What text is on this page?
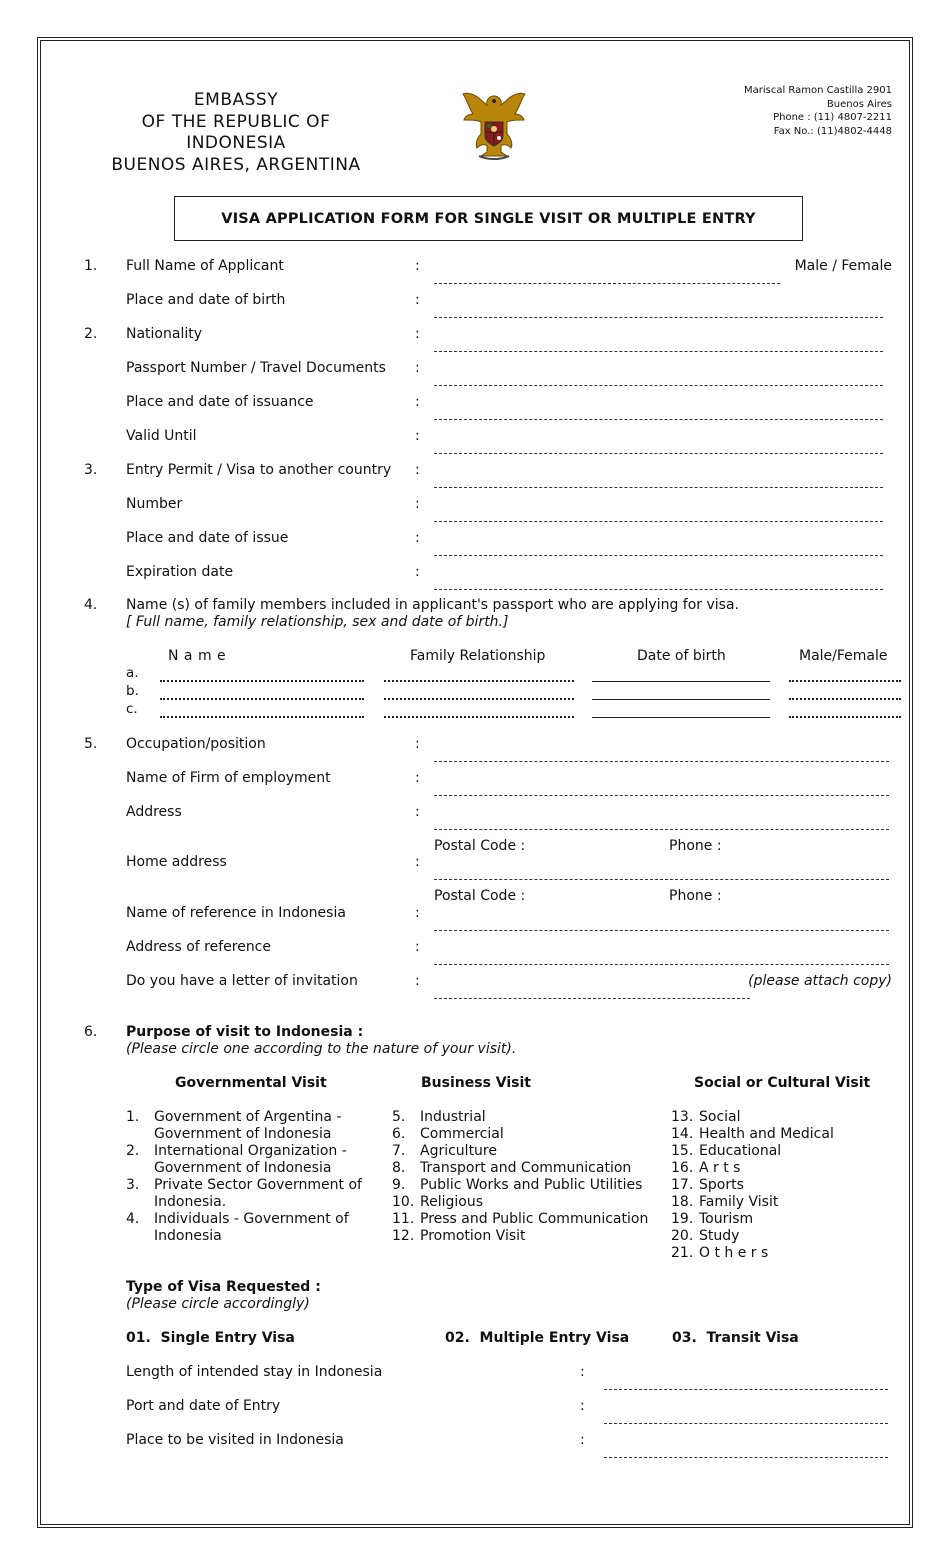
EMBASSY
OF THE REPUBLIC OF
INDONESIA
BUENOS AIRES, ARGENTINA
Mariscal Ramon Castilla 2901
Buenos Aires
Phone : (11) 4807-2211
Fax No.: (11)4802-4448
VISA APPLICATION FORM FOR SINGLE VISIT OR MULTIPLE ENTRY
1. Full Name of Applicant	:	Male / Female
Place and date of birth	:
2. Nationality	:
Passport Number / Travel Documents :
Place and date of issuance	:
Valid Until	:
3. Entry Permit / Visa to another country :
Number	:
Place and date of issue	:
Expiration date	:
4. Name (s) of family members included in applicant's passport who are applying for visa.
[ Full name, family relationship, sex and date of birth.]
N a m e	Family Relationship	Date of birth	Male/Female
a.
b.
c.
5. Occupation/position	:
Name of Firm of employment	:
Address	:
Postal Code :	Phone :
Home address	:
Postal Code :	Phone :
Name of reference in Indonesia	:
Address of reference	:
Do you have a letter of invitation	:	(please attach copy)
6. Purpose of visit to Indonesia :
(Please circle one according to the nature of your visit).
Governmental Visit	Business Visit	Social or Cultural Visit
1.	Government of Argentina -
Government of Indonesia
2.	International Organization -
Government of Indonesia
3.	Private Sector Government of
Indonesia.
4.	Individuals - Government of
Indonesia
5.	Industrial
6.	Commercial
7.	Agriculture
8.	Transport and Communication
9.	Public Works and Public Utilities
10. Religious
11. Press and Public Communication
12. Promotion Visit
13. Social
14. Health and Medical
15. Educational
16. A r t s
17. Sports
18. Family Visit
19. Tourism
20. Study
21. O t h e r s
Type of Visa Requested :
(Please circle accordingly)
01.  Single Entry Visa	02.  Multiple Entry Visa	03.  Transit Visa
Length of intended stay in Indonesia	:
Port and date of Entry	:
Place to be visited in Indonesia	:
